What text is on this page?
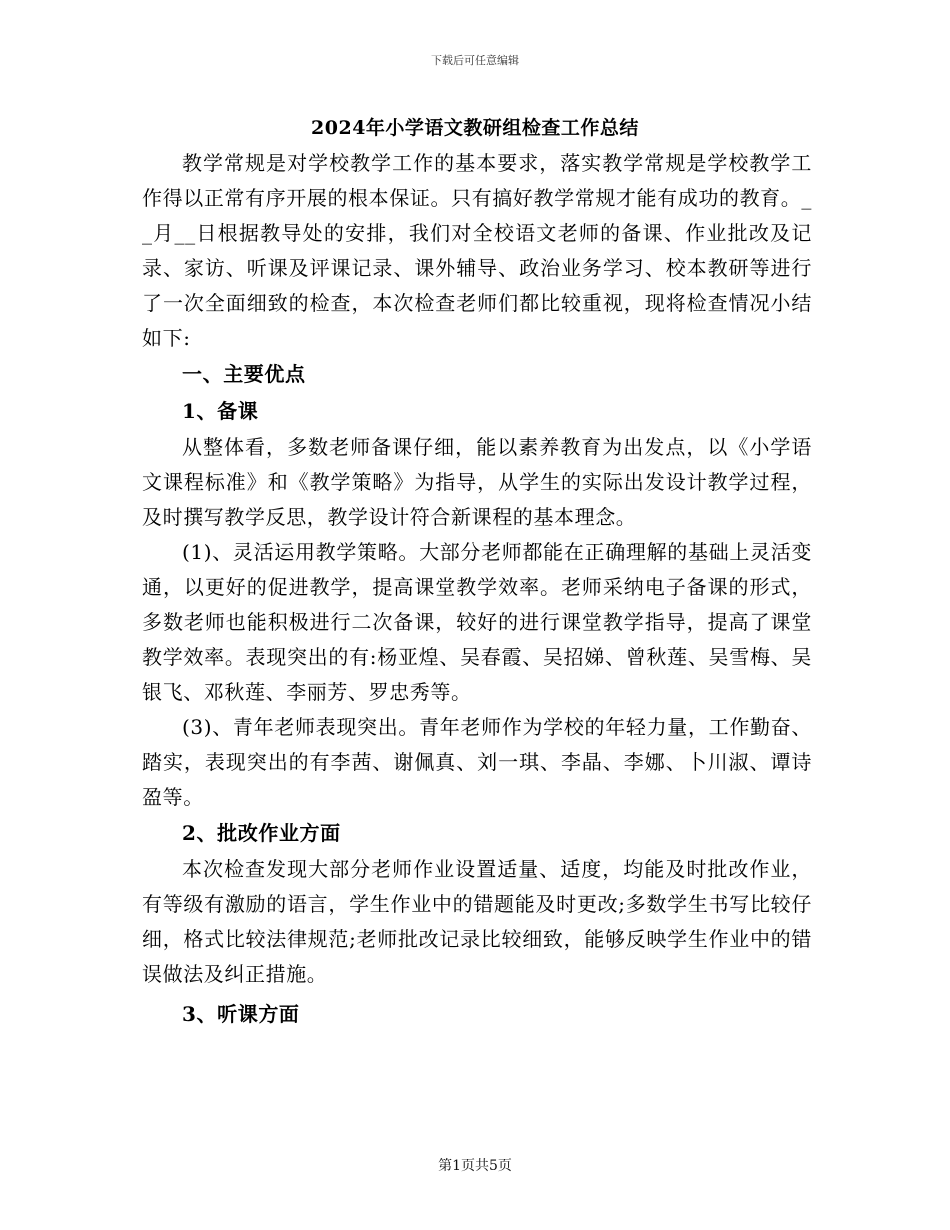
下载后可任意编辑
2024年小学语文教研组检查工作总结

教学常规是对学校教学工作的基本要求，落实教学常规是学校教学工作得以正常有序开展的根本保证。只有搞好教学常规才能有成功的教育。__月__日根据教导处的安排，我们对全校语文老师的备课、作业批改及记录、家访、听课及评课记录、课外辅导、政治业务学习、校本教研等进行了一次全面细致的检查，本次检查老师们都比较重视，现将检查情况小结如下:

一、主要优点

1、备课

从整体看，多数老师备课仔细，能以素养教育为出发点，以《小学语文课程标准》和《教学策略》为指导，从学生的实际出发设计教学过程，及时撰写教学反思，教学设计符合新课程的基本理念。

(1)、灵活运用教学策略。大部分老师都能在正确理解的基础上灵活变通，以更好的促进教学，提高课堂教学效率。老师采纳电子备课的形式，多数老师也能积极进行二次备课，较好的进行课堂教学指导，提高了课堂教学效率。表现突出的有:杨亚煌、吴春霞、吴招娣、曾秋莲、吴雪梅、吴银飞、邓秋莲、李丽芳、罗忠秀等。

(3)、青年老师表现突出。青年老师作为学校的年轻力量，工作勤奋、踏实，表现突出的有李茜、谢佩真、刘一琪、李晶、李娜、卜川淑、谭诗盈等。

2、批改作业方面

本次检查发现大部分老师作业设置适量、适度，均能及时批改作业，有等级有激励的语言，学生作业中的错题能及时更改;多数学生书写比较仔细，格式比较法律规范;老师批改记录比较细致，能够反映学生作业中的错误做法及纠正措施。

3、听课方面

第1页共5页
